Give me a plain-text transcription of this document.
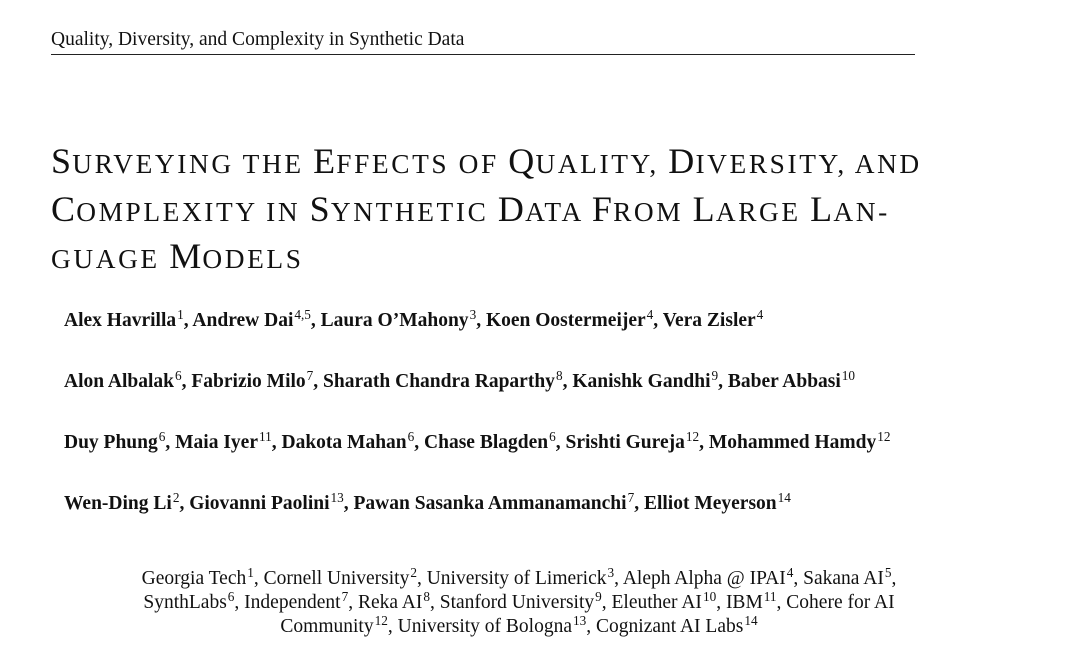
Quality, Diversity, and Complexity in Synthetic Data
SURVEYING THE EFFECTS OF QUALITY, DIVERSITY, AND
COMPLEXITY IN SYNTHETIC DATA FROM LARGE LAN-
GUAGE MODELS
Alex Havrilla$^1$, Andrew Dai$^{4,5}$, Laura O’Mahony$^3$, Koen Oostermeijer$^4$, Vera Zisler$^4$
Alon Albalak$^6$, Fabrizio Milo$^7$, Sharath Chandra Raparthy$^8$, Kanishk Gandhi$^9$, Baber Abbasi$^{10}$
Duy Phung$^6$, Maia Iyer$^{11}$, Dakota Mahan$^6$, Chase Blagden$^6$, Srishti Gureja$^{12}$, Mohammed Hamdy$^{12}$
Wen-Ding Li$^2$, Giovanni Paolini$^{13}$, Pawan Sasanka Ammanamanchi$^7$, Elliot Meyerson$^{14}$
Georgia Tech$^1$, Cornell University$^2$, University of Limerick$^3$, Aleph Alpha @ IPAI$^4$, Sakana $AI^5$,
SynthLabs$^6$, Independent$^7$, Reka $AI^8$, Stanford University$^9$, Eleuther AI$^{10}$, IBM$^{11}$, Cohere for AI
Community$^{12}$, University of Bologna$^{13}$, Cognizant AI Labs$^{14}$
